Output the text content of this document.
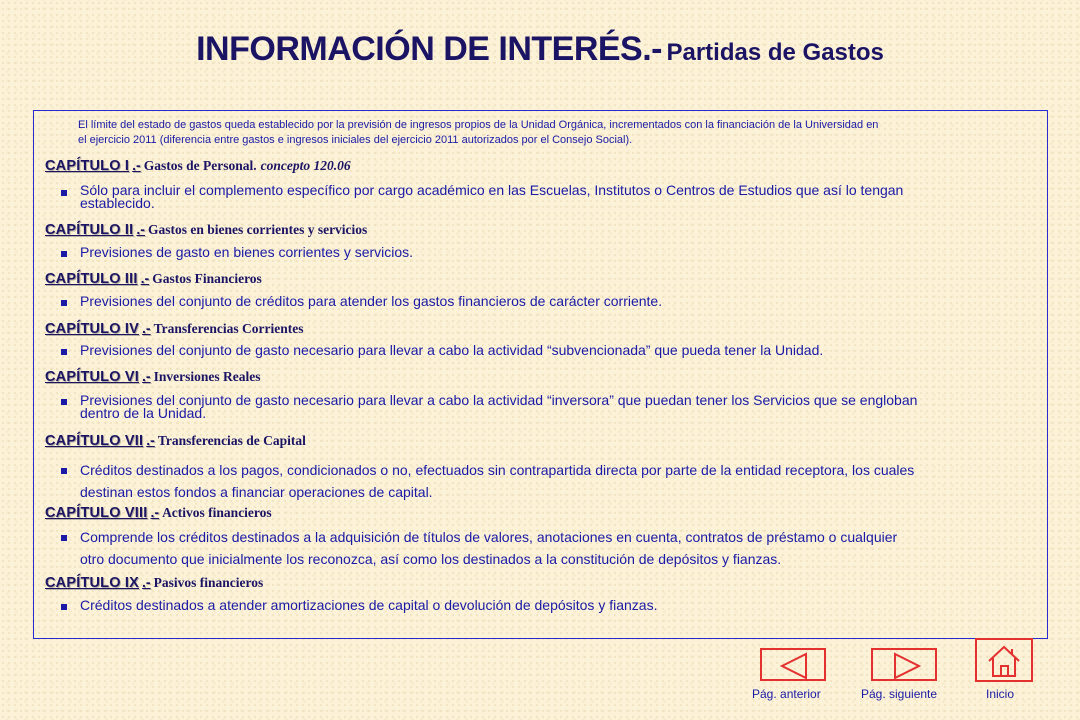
INFORMACIÓN DE INTERÉS.- Partidas de Gastos
El límite del estado de gastos queda establecido por la previsión de ingresos propios de la Unidad Orgánica, incrementados con la financiación de la Universidad en
el ejercicio 2011 (diferencia entre gastos e ingresos iniciales del ejercicio 2011 autorizados por el Consejo Social).
CAPÍTULO I .- Gastos de Personal. concepto 120.06
Sólo para incluir el complemento específico por cargo académico en las Escuelas, Institutos o Centros de Estudios que así lo tengan
establecido.
CAPÍTULO II .- Gastos en bienes corrientes y servicios
Previsiones de gasto en bienes corrientes y servicios.
CAPÍTULO III .- Gastos Financieros
Previsiones del conjunto de créditos para atender los gastos financieros de carácter corriente.
CAPÍTULO IV .- Transferencias Corrientes
Previsiones del conjunto de gasto necesario para llevar a cabo la actividad “subvencionada” que pueda tener la Unidad.
CAPÍTULO VI .- Inversiones Reales
Previsiones del conjunto de gasto necesario para llevar a cabo la actividad “inversora” que puedan tener los Servicios que se engloban
dentro de la Unidad.
CAPÍTULO VII .- Transferencias de Capital
Créditos destinados a los pagos, condicionados o no, efectuados sin contrapartida directa por parte de la entidad receptora, los cuales
destinan estos fondos a financiar operaciones de capital.
CAPÍTULO VIII .- Activos financieros
Comprende los créditos destinados a la adquisición de títulos de valores, anotaciones en cuenta, contratos de préstamo o cualquier
otro documento que inicialmente los reconozca, así como los destinados a la constitución de depósitos y fianzas.
CAPÍTULO IX .- Pasivos financieros
Créditos destinados a atender amortizaciones de capital o devolución de depósitos y fianzas.
Pág. anterior	Pág. siguiente	Inicio
